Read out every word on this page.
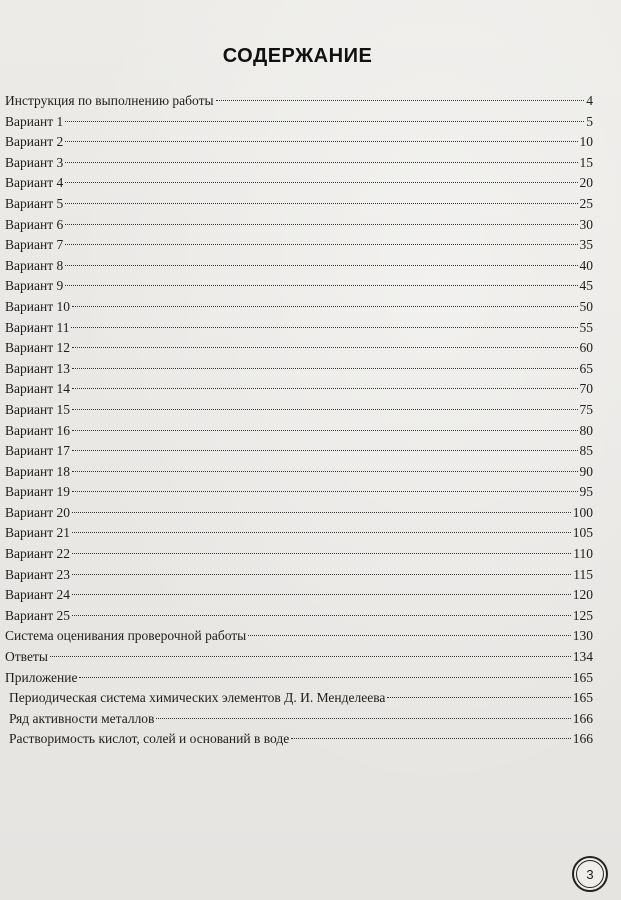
СОДЕРЖАНИЕ
Инструкция по выполнению работы	4
Вариант 1	5
Вариант 2	10
Вариант 3	15
Вариант 4	20
Вариант 5	25
Вариант 6	30
Вариант 7	35
Вариант 8	40
Вариант 9	45
Вариант 10	50
Вариант 11	55
Вариант 12	60
Вариант 13	65
Вариант 14	70
Вариант 15	75
Вариант 16	80
Вариант 17	85
Вариант 18	90
Вариант 19	95
Вариант 20	100
Вариант 21	105
Вариант 22	110
Вариант 23	115
Вариант 24	120
Вариант 25	125
Система оценивания проверочной работы	130
Ответы	134
Приложение	165
Периодическая система химических элементов Д. И. Менделеева	165
Ряд активности металлов	166
Растворимость кислот, солей и оснований в воде	166
3
